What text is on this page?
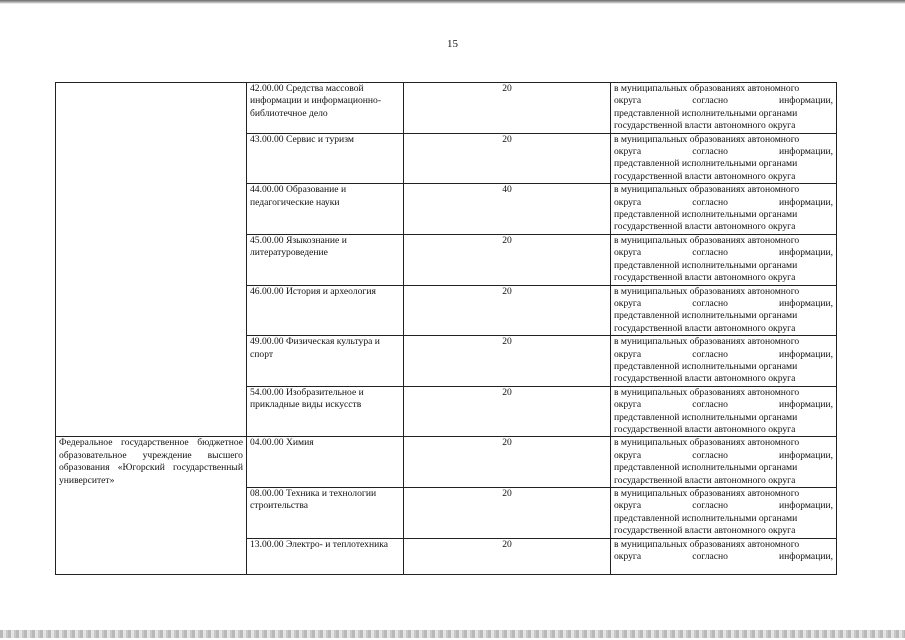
15
	42.00.00 Средства массовой информации и информационно-библиотечное дело	20	в муниципальных образованиях автономного
округа согласно информации,
представленной исполнительными органами
государственной власти автономного округа

	43.00.00 Сервис и туризм	20	в муниципальных образованиях автономного
округа согласно информации,
представленной исполнительными органами
государственной власти автономного округа

	44.00.00 Образование и педагогические науки	40	в муниципальных образованиях автономного
округа согласно информации,
представленной исполнительными органами
государственной власти автономного округа

	45.00.00 Языкознание и литературоведение	20	в муниципальных образованиях автономного
округа согласно информации,
представленной исполнительными органами
государственной власти автономного округа

	46.00.00 История и археология	20	в муниципальных образованиях автономного
округа согласно информации,
представленной исполнительными органами
государственной власти автономного округа

	49.00.00 Физическая культура и спорт	20	в муниципальных образованиях автономного
округа согласно информации,
представленной исполнительными органами
государственной власти автономного округа

	54.00.00 Изобразительное и прикладные виды искусств	20	в муниципальных образованиях автономного
округа согласно информации,
представленной исполнительными органами
государственной власти автономного округа

Федеральное государственное бюджетное образовательное учреждение высшего образования «Югорский государственный
университет»	04.00.00 Химия	20	в муниципальных образованиях автономного
округа согласно информации,
представленной исполнительными органами
государственной власти автономного округа

	08.00.00 Техника и технологии строительства	20	в муниципальных образованиях автономного
округа согласно информации,
представленной исполнительными органами
государственной власти автономного округа

	13.00.00 Электро- и теплотехника	20	в муниципальных образованиях автономного
округа согласно информации,
